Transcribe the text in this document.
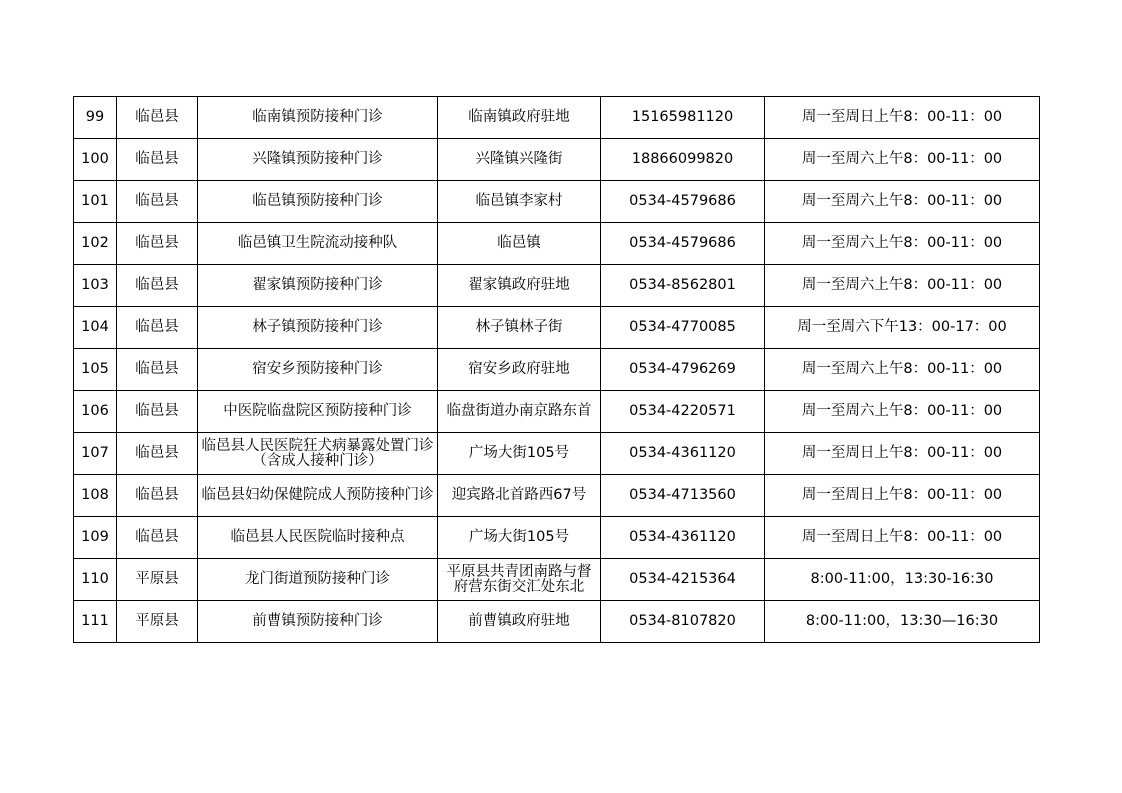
99	临邑县	临南镇预防接种门诊	临南镇政府驻地	15165981120	周一至周日上午8：00-11：00
100	临邑县	兴隆镇预防接种门诊	兴隆镇兴隆街	18866099820	周一至周六上午8：00-11：00
101	临邑县	临邑镇预防接种门诊	临邑镇李家村	0534-4579686	周一至周六上午8：00-11：00
102	临邑县	临邑镇卫生院流动接种队	临邑镇	0534-4579686	周一至周六上午8：00-11：00
103	临邑县	翟家镇预防接种门诊	翟家镇政府驻地	0534-8562801	周一至周六上午8：00-11：00
104	临邑县	林子镇预防接种门诊	林子镇林子街	0534-4770085	周一至周六下午13：00-17：00
105	临邑县	宿安乡预防接种门诊	宿安乡政府驻地	0534-4796269	周一至周六上午8：00-11：00
106	临邑县	中医院临盘院区预防接种门诊	临盘街道办南京路东首	0534-4220571	周一至周六上午8：00-11：00
107	临邑县	临邑县人民医院狂犬病暴露处置门诊（含成人接种门诊）	广场大街105号	0534-4361120	周一至周日上午8：00-11：00
108	临邑县	临邑县妇幼保健院成人预防接种门诊	迎宾路北首路西67号	0534-4713560	周一至周日上午8：00-11：00
109	临邑县	临邑县人民医院临时接种点	广场大街105号	0534-4361120	周一至周日上午8：00-11：00
110	平原县	龙门街道预防接种门诊	平原县共青团南路与督府营东街交汇处东北	0534-4215364	8:00-11:00，13:30-16:30
111	平原县	前曹镇预防接种门诊	前曹镇政府驻地	0534-8107820	8:00-11:00，13:30—16:30
